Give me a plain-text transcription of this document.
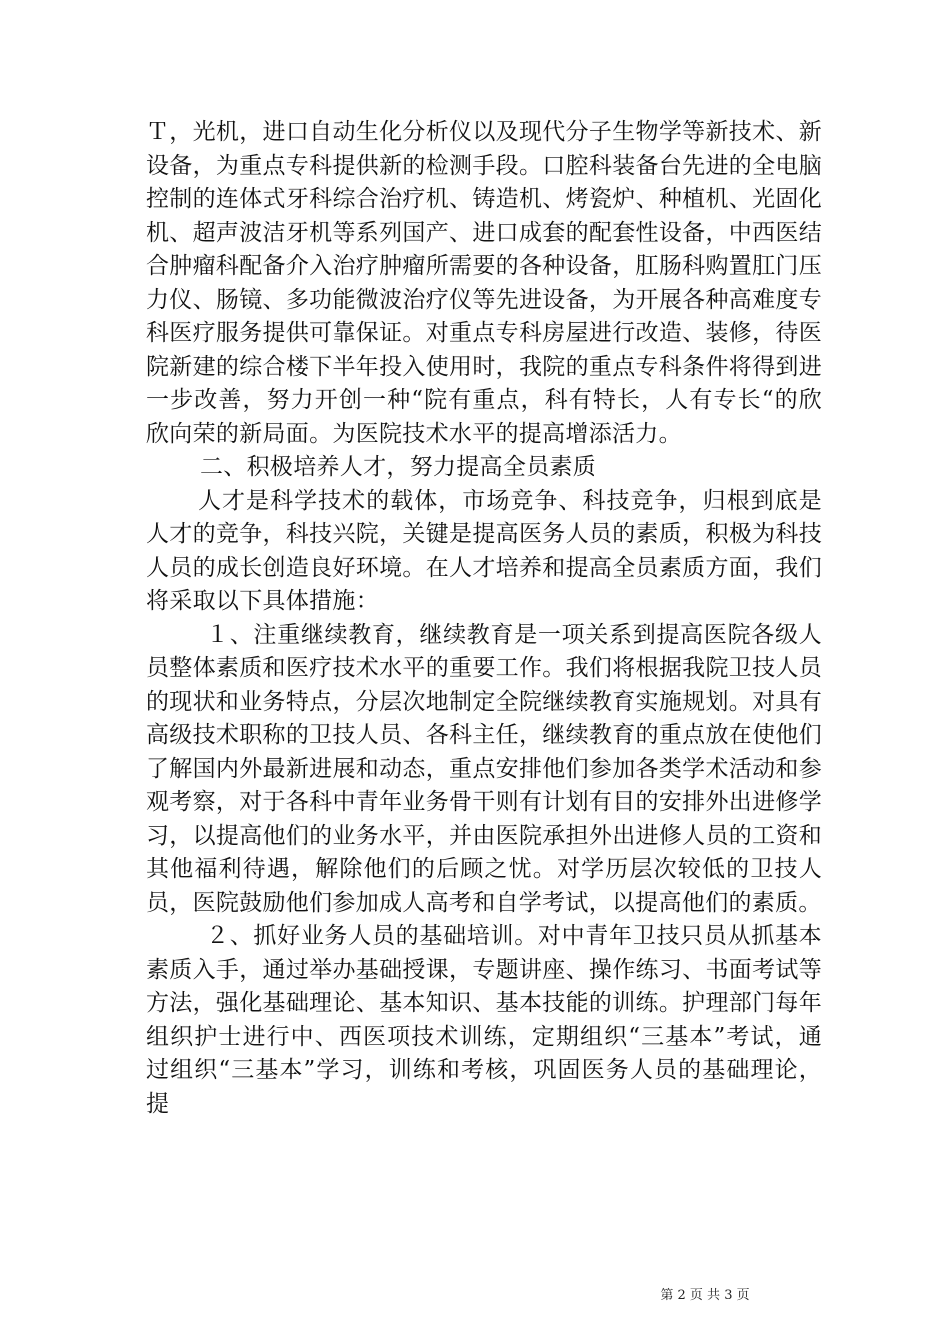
Ｔ，光机，进口自动生化分析仪以及现代分子生物学等新技术、新设备，为重点专科提供新的检测手段。口腔科装备台先进的全电脑控制的连体式牙科综合治疗机、铸造机、烤瓷炉、种植机、光固化机、超声波洁牙机等系列国产、进口成套的配套性设备，中西医结合肿瘤科配备介入治疗肿瘤所需要的各种设备，肛肠科购置肛门压力仪、肠镜、多功能微波治疗仪等先进设备，为开展各种高难度专科医疗服务提供可靠保证。对重点专科房屋进行改造、装修，待医院新建的综合楼下半年投入使用时，我院的重点专科条件将得到进一步改善，努力开创一种“院有重点，科有特长，人有专长“的欣欣向荣的新局面。为医院技术水平的提高增添活力。

二、积极培养人才，努力提高全员素质

人才是科学技术的载体，市场竞争、科技竞争，归根到底是人才的竞争，科技兴院，关键是提高医务人员的素质，积极为科技人员的成长创造良好环境。在人才培养和提高全员素质方面，我们将采取以下具体措施：

１、注重继续教育，继续教育是一项关系到提高医院各级人员整体素质和医疗技术水平的重要工作。我们将根据我院卫技人员的现状和业务特点，分层次地制定全院继续教育实施规划。对具有高级技术职称的卫技人员、各科主任，继续教育的重点放在使他们了解国内外最新进展和动态，重点安排他们参加各类学术活动和参观考察，对于各科中青年业务骨干则有计划有目的安排外出进修学习，以提高他们的业务水平，并由医院承担外出进修人员的工资和其他福利待遇，解除他们的后顾之忧。对学历层次较低的卫技人员，医院鼓励他们参加成人高考和自学考试，以提高他们的素质。

２、抓好业务人员的基础培训。对中青年卫技只员从抓基本素质入手，通过举办基础授课，专题讲座、操作练习、书面考试等方法，强化基础理论、基本知识、基本技能的训练。护理部门每年组织护士进行中、西医项技术训练，定期组织“三基本”考试，通过组织“三基本”学习，训练和考核，巩固医务人员的基础理论，提

第 2 页 共 3 页
